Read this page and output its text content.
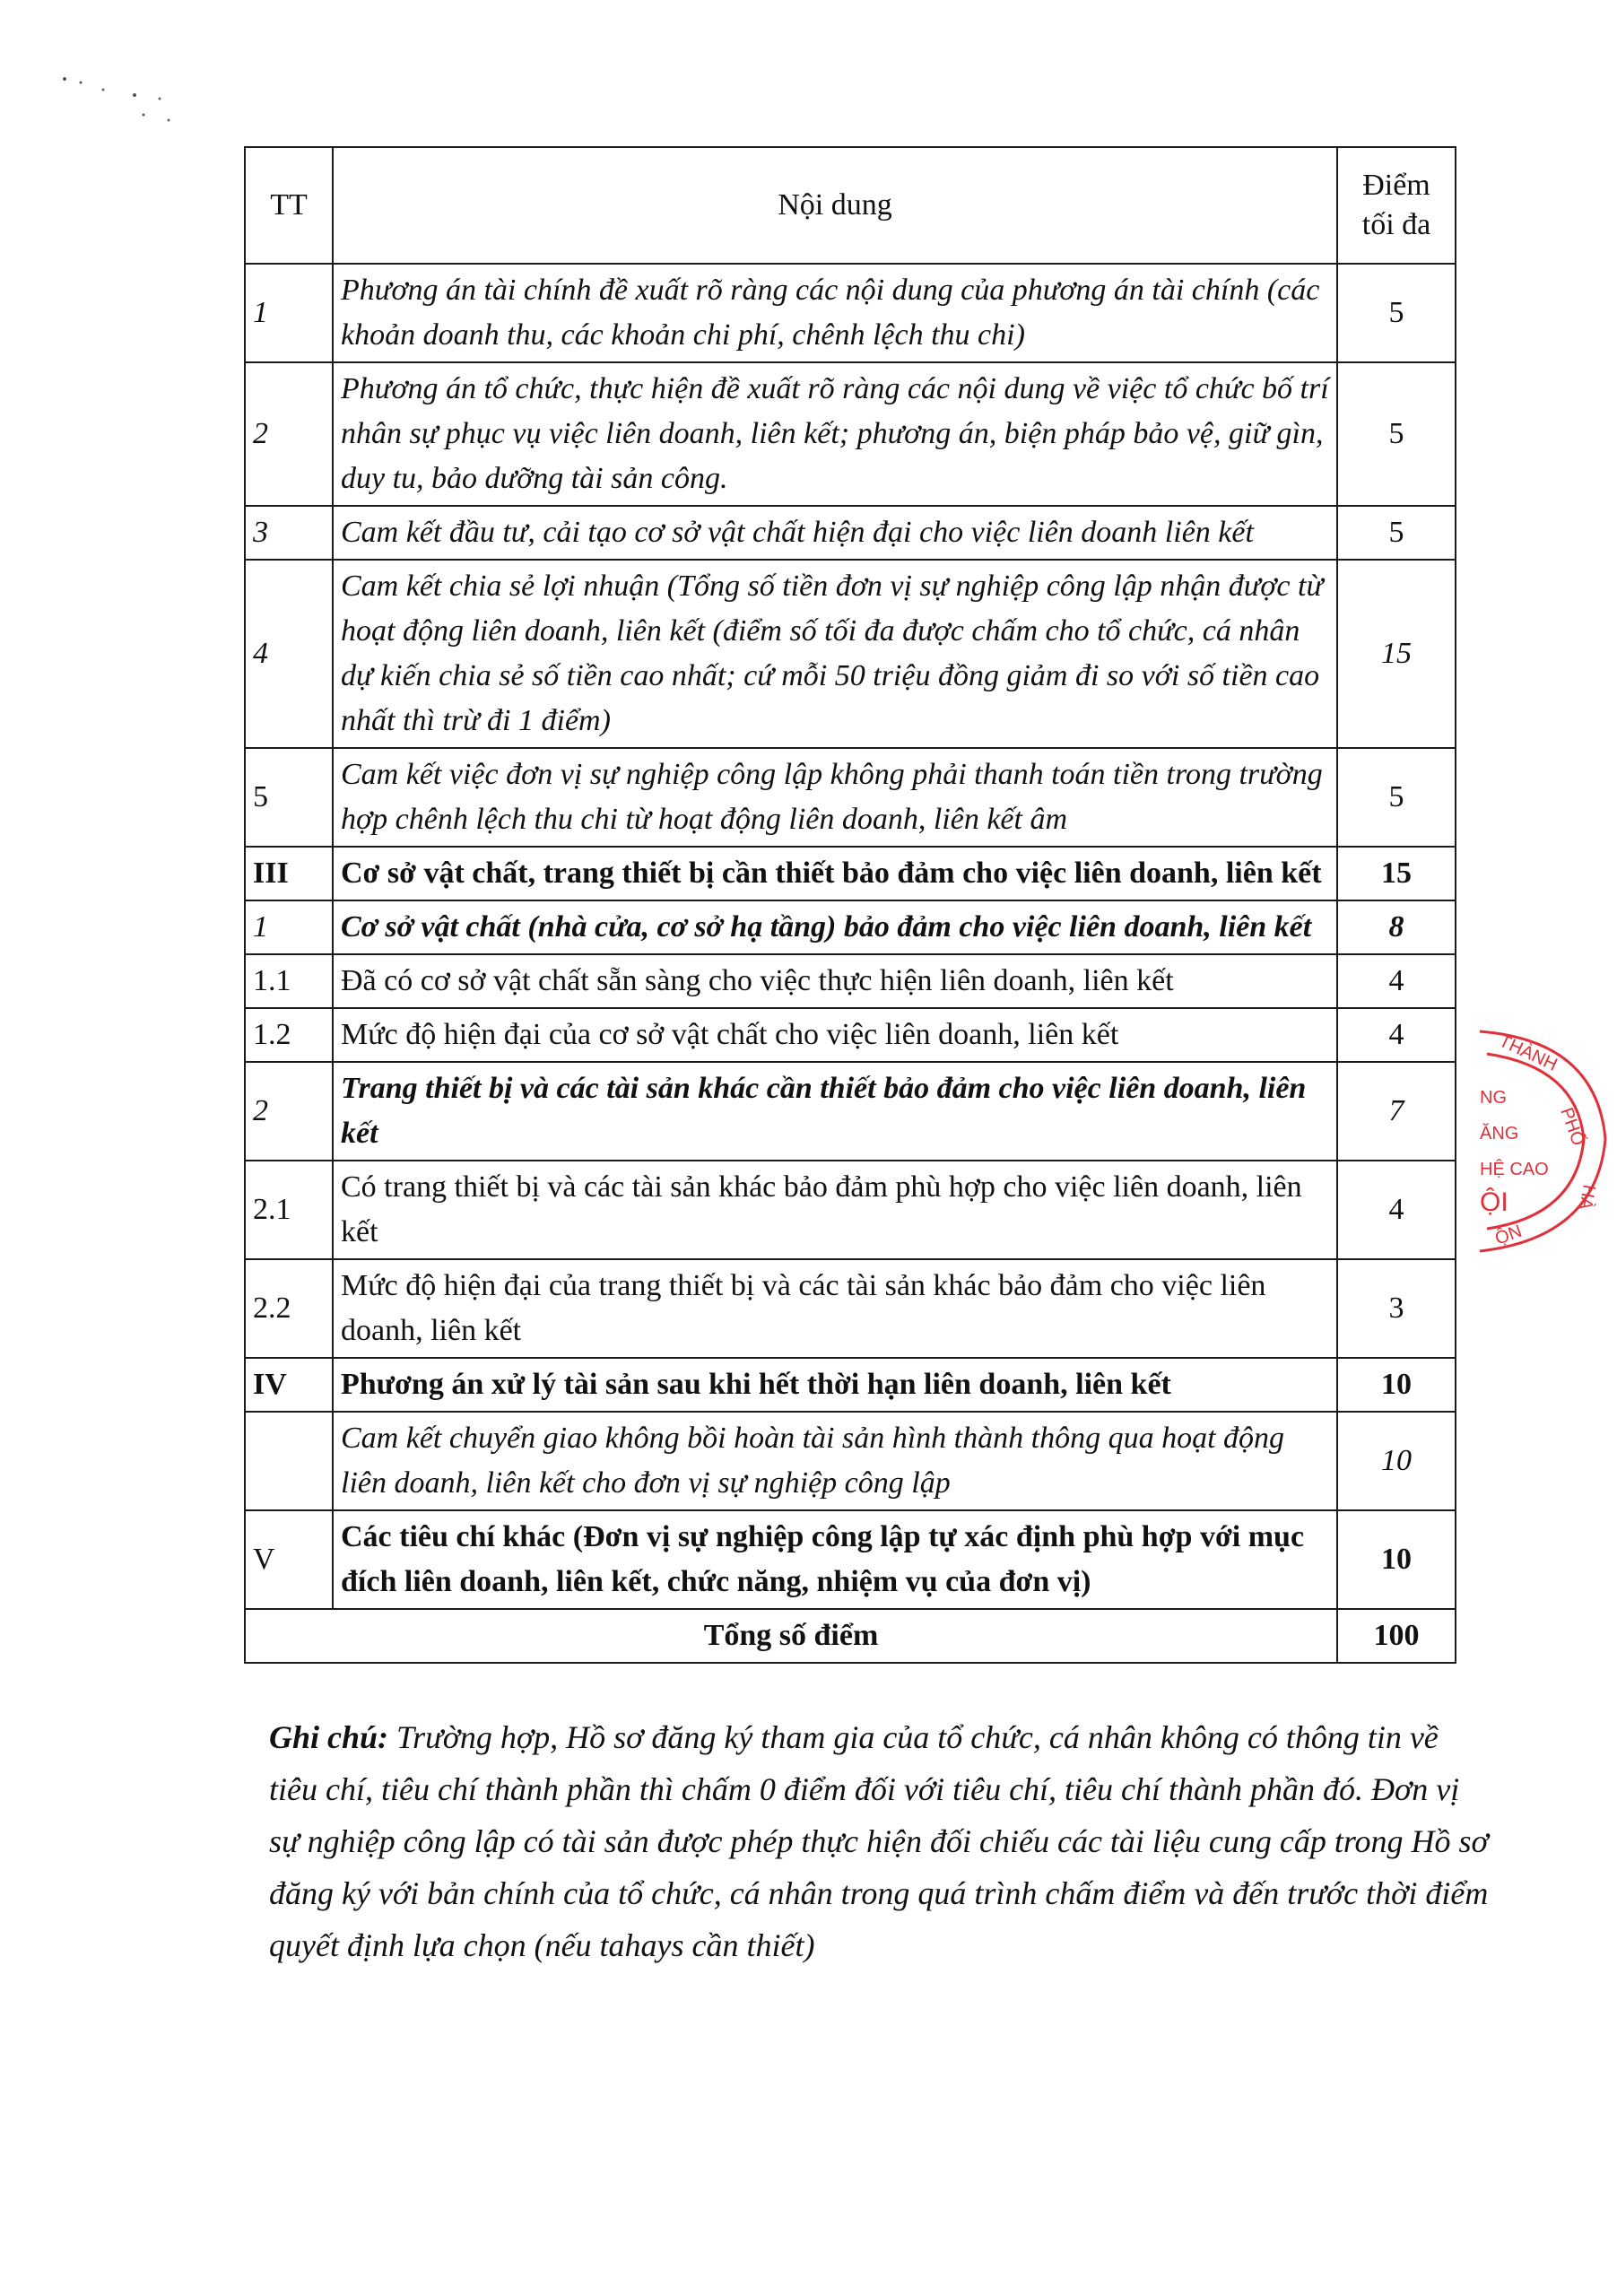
TT	Nội dung	Điểm tối đa
1	Phương án tài chính đề xuất rõ ràng các nội dung của phương án tài chính (các khoản doanh thu, các khoản chi phí, chênh lệch thu chi)	5
2	Phương án tổ chức, thực hiện đề xuất rõ ràng các nội dung về việc tổ chức bố trí nhân sự phục vụ việc liên doanh, liên kết; phương án, biện pháp bảo vệ, giữ gìn, duy tu, bảo dưỡng tài sản công.	5
3	Cam kết đầu tư, cải tạo cơ sở vật chất hiện đại cho việc liên doanh liên kết	5
4	Cam kết chia sẻ lợi nhuận (Tổng số tiền đơn vị sự nghiệp công lập nhận được từ hoạt động liên doanh, liên kết (điểm số tối đa được chấm cho tổ chức, cá nhân dự kiến chia sẻ số tiền cao nhất; cứ mỗi 50 triệu đồng giảm đi so với số tiền cao nhất thì trừ đi 1 điểm)	15
5	Cam kết việc đơn vị sự nghiệp công lập không phải thanh toán tiền trong trường hợp chênh lệch thu chi từ hoạt động liên doanh, liên kết âm	5
III	Cơ sở vật chất, trang thiết bị cần thiết bảo đảm cho việc liên doanh, liên kết	15
1	Cơ sở vật chất (nhà cửa, cơ sở hạ tầng) bảo đảm cho việc liên doanh, liên kết	8
1.1	Đã có cơ sở vật chất sẵn sàng cho việc thực hiện liên doanh, liên kết	4
1.2	Mức độ hiện đại của cơ sở vật chất cho việc liên doanh, liên kết	4
2	Trang thiết bị và các tài sản khác cần thiết bảo đảm cho việc liên doanh, liên kết	7
2.1	Có trang thiết bị và các tài sản khác bảo đảm phù hợp cho việc liên doanh, liên kết	4
2.2	Mức độ hiện đại của trang thiết bị và các tài sản khác bảo đảm cho việc liên doanh, liên kết	3
IV	Phương án xử lý tài sản sau khi hết thời hạn liên doanh, liên kết	10
	Cam kết chuyển giao không bồi hoàn tài sản hình thành thông qua hoạt động liên doanh, liên kết cho đơn vị sự nghiệp công lập	10
V	Các tiêu chí khác (Đơn vị sự nghiệp công lập tự xác định phù hợp với mục đích liên doanh, liên kết, chức năng, nhiệm vụ của đơn vị)	10
Tổng số điểm		100
THÀNH
PHỐ
HÀ
NG
ĂNG
HỆ CAO
ỘI
ỘN
Ghi chú: Trường hợp, Hồ sơ đăng ký tham gia của tổ chức, cá nhân không có thông tin về tiêu chí, tiêu chí thành phần thì chấm 0 điểm đối với tiêu chí, tiêu chí thành phần đó. Đơn vị sự nghiệp công lập có tài sản được phép thực hiện đối chiếu các tài liệu cung cấp trong Hồ sơ đăng ký với bản chính của tổ chức, cá nhân trong quá trình chấm điểm và đến trước thời điểm quyết định lựa chọn (nếu tahays cần thiết)
